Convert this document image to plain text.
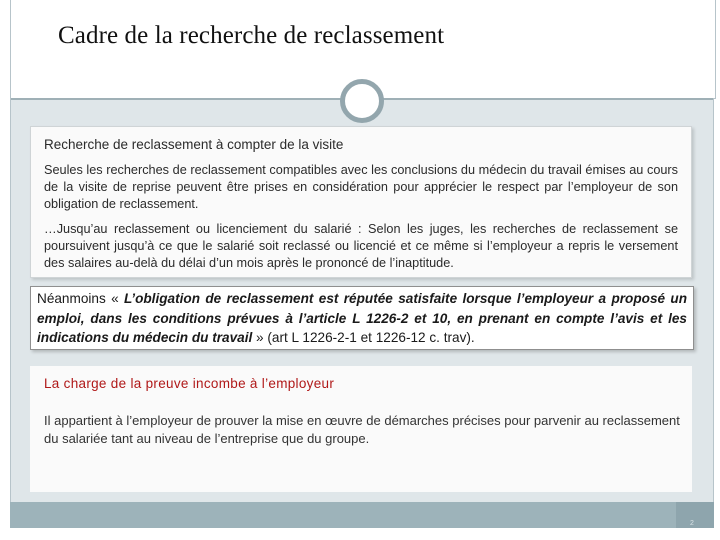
Cadre de la recherche de reclassement

Recherche de reclassement à compter de la visite

Seules les recherches de reclassement compatibles avec les conclusions du médecin du travail émises au cours de la visite de reprise peuvent être prises en considération pour apprécier le respect par l’employeur de son obligation de reclassement.

…Jusqu’au reclassement ou licenciement du salarié : Selon les juges, les recherches de reclassement se poursuivent jusqu’à ce que le salarié soit reclassé ou licencié et ce même si l’employeur a repris le versement des salaires au-delà du délai d’un mois après le prononcé de l’inaptitude.

Néanmoins « L’obligation de reclassement est réputée satisfaite lorsque l’employeur a proposé un emploi, dans les conditions prévues à l’article L 1226-2 et 10, en prenant en compte l’avis et les indications du médecin du travail » (art L 1226-2-1 et 1226-12 c. trav).

La charge de la preuve incombe à l’employeur
Il appartient à l’employeur de prouver la mise en œuvre de démarches précises pour parvenir au reclassement du salariée tant au niveau de l’entreprise que du groupe.
2
